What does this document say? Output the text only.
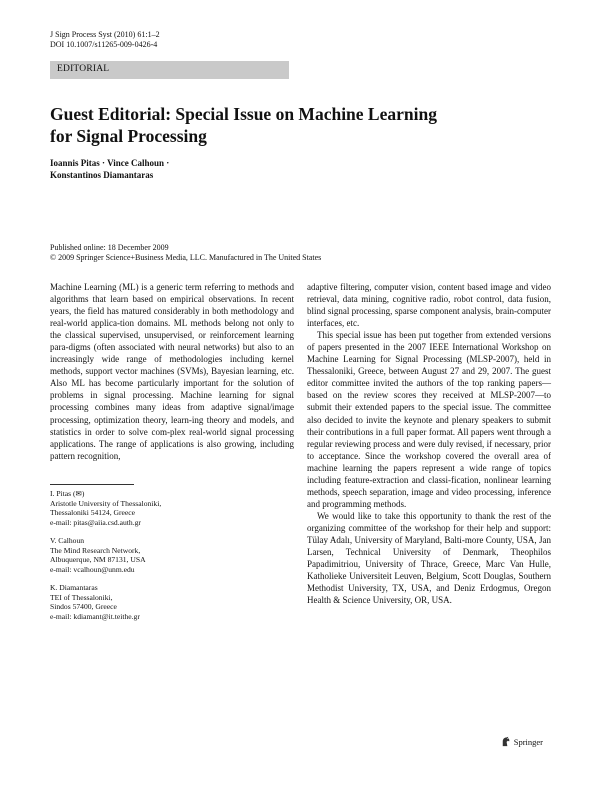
J Sign Process Syst (2010) 61:1–2
DOI 10.1007/s11265-009-0426-4
EDITORIAL
Guest Editorial: Special Issue on Machine Learning
for Signal Processing
Ioannis Pitas · Vince Calhoun ·
Konstantinos Diamantaras
Published online: 18 December 2009
© 2009 Springer Science+Business Media, LLC. Manufactured in The United States

Machine Learning (ML) is a generic term referring to methods and algorithms that learn based on empirical observations. In recent years, the field has matured considerably in both methodology and real-world applica-tion domains. ML methods belong not only to the classical supervised, unsupervised, or reinforcement learning para-digms (often associated with neural networks) but also to an increasingly wide range of methodologies including kernel methods, support vector machines (SVMs), Bayesian learning, etc. Also ML has become particularly important for the solution of problems in signal processing. Machine learning for signal processing combines many ideas from adaptive signal/image processing, optimization theory, learn-ing theory and models, and statistics in order to solve com-plex real-world signal processing applications. The range of applications is also growing, including pattern recognition,

adaptive filtering, computer vision, content based image and video retrieval, data mining, cognitive radio, robot control, data fusion, blind signal processing, sparse component analysis, brain-computer interfaces, etc.

This special issue has been put together from extended versions of papers presented in the 2007 IEEE International Workshop on Machine Learning for Signal Processing (MLSP-2007), held in Thessaloniki, Greece, between August 27 and 29, 2007. The guest editor committee invited the authors of the top ranking papers—based on the review scores they received at MLSP-2007—to submit their extended papers to the special issue. The committee also decided to invite the keynote and plenary speakers to submit their contributions in a full paper format. All papers went through a regular reviewing process and were duly revised, if necessary, prior to acceptance. Since the workshop covered the overall area of machine learning the papers represent a wide range of topics including feature-extraction and classi-fication, nonlinear learning methods, speech separation, image and video processing, inference and programming methods.

We would like to take this opportunity to thank the rest of the organizing committee of the workshop for their help and support: Tülay Adalı, University of Maryland, Balti-more County, USA, Jan Larsen, Technical University of Denmark, Theophilos Papadimitriou, University of Thrace, Greece, Marc Van Hulle, Katholieke Universiteit Leuven, Belgium, Scott Douglas, Southern Methodist University, TX, USA, and Deniz Erdogmus, Oregon Health & Science University, OR, USA.

I. Pitas (✉)
Aristotle University of Thessaloniki,
Thessaloniki 54124, Greece
e-mail: pitas@aiia.csd.auth.gr
V. Calhoun
The Mind Research Network,
Albuquerque, NM 87131, USA
e-mail: vcalhoun@unm.edu
K. Diamantaras
TEI of Thessaloniki,
Sindos 57400, Greece
e-mail: kdiamant@it.teithe.gr
Springer
